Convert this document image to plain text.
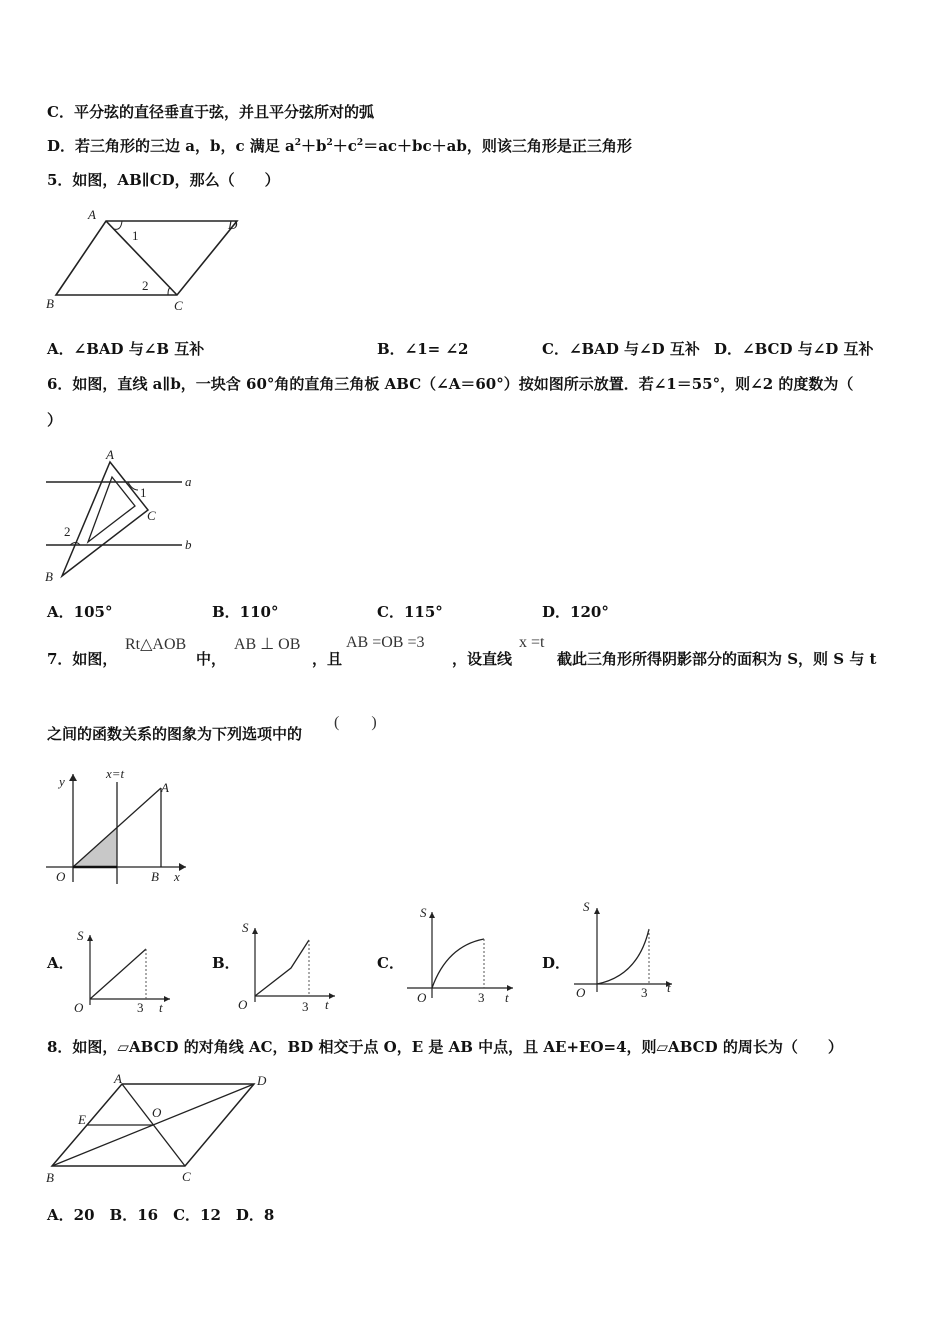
C．平分弦的直径垂直于弦，并且平分弦所对的弧
D．若三角形的三边 a，b，c 满足 $a^2+b^2+c^2=ac+bc+ab$，则该三角形是正三角形
5．如图，AB∥CD，那么（　　）
A
D
B	C
1
2
A．∠BAD 与∠B 互补	B．∠1= ∠2	C．∠BAD 与∠D 互补 D．∠BCD 与∠D 互补
6．如图，直线 a∥b，一块含 60°角的直角三角板 ABC（∠A＝60°）按如图所示放置．若∠1＝55°，则∠2 的度数为（
）
A
C
B
a
b
1
2
A．105°	B．110°	C．115°	D．120°
7．如图，
Rt△AOB
中，
AB ⊥ OB
，且
AB =OB =3
，设直线
x =t
截此三角形所得阴影部分的面积为 S，则 S 与 t
之间的函数关系的图象为下列选项中的
(　　)
y
x=t
A
O	B x
A．
S
O	3 t
B．
S
O	3 t
C．
S
O	3 t
D．
S
O	3 t
8．如图，▱ABCD 的对角线 AC，BD 相交于点 O，E 是 AB 中点，且 AE+EO=4，则▱ABCD 的周长为（　　）
A	D
B	C
E	O
A．20　B．16　C．12　D．8
